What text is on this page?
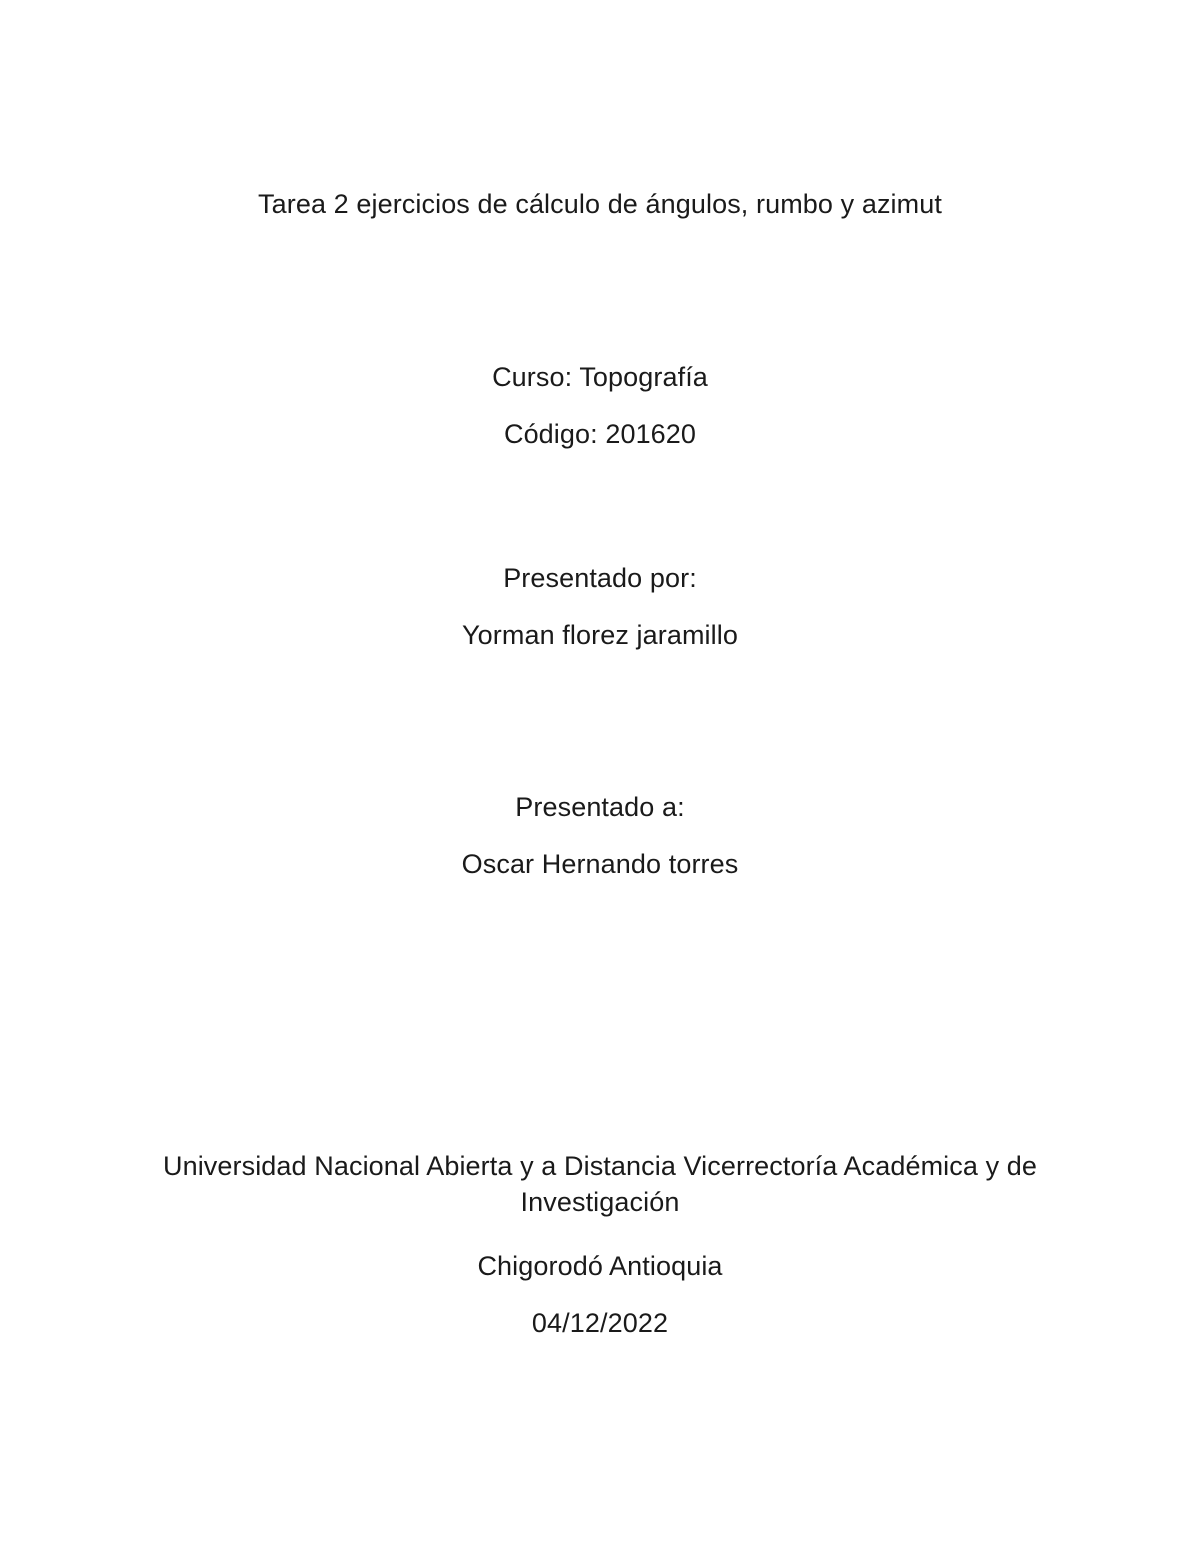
Tarea 2 ejercicios de cálculo de ángulos, rumbo y azimut
Curso: Topografía
Código: 201620
Presentado por:
Yorman florez jaramillo
Presentado a:
Oscar Hernando torres
Universidad Nacional Abierta y a Distancia Vicerrectoría Académica y de Investigación
Chigorodó Antioquia
04/12/2022
